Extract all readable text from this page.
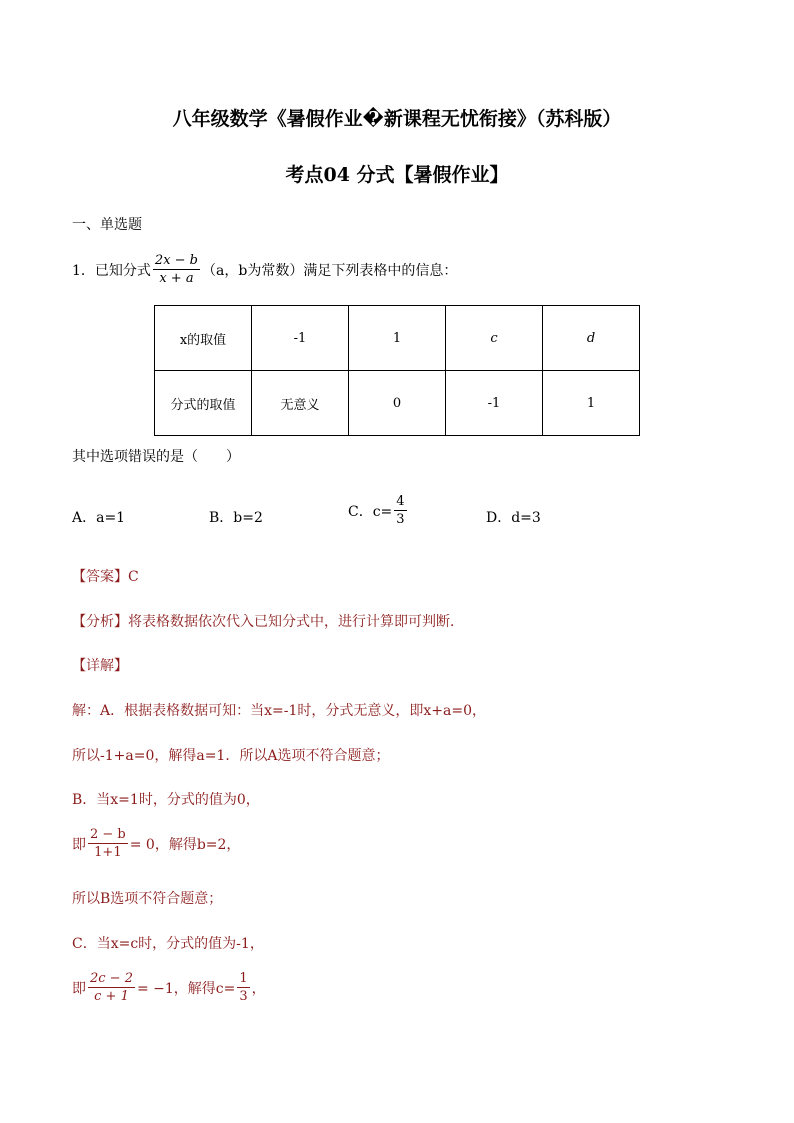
八年级数学《暑假作业�新课程无忧衔接》（苏科版）
考点04 分式【暑假作业】
一、单选题
1．已知分式 $\frac{2x - b}{x + a} (a$，b为常数）满足下列表格中的信息：
x的取值	-1	1	c	d
分式的取值	无意义	0	-1	1
其中选项错误的是（　　）
A．a=1	B．b=2	C．$c= \frac{4}{3}$	D．d=3
【答案】C
【分析】将表格数据依次代入已知分式中，进行计算即可判断．
【详解】
解：A．根据表格数据可知：当x=-1时，分式无意义，即x+a=0，
所以-1+a=0，解得a=1．所以A选项不符合题意；
B．当x=1时，分式的值为0，
即 $\frac{2 - b}{1+1} = 0$，解得b=2，
所以B选项不符合题意；
C．当x=c时，分式的值为-1，
即 $\frac{2c - 2}{c + 1} = -1$，解得$c= \frac{1}{3}$ ，
